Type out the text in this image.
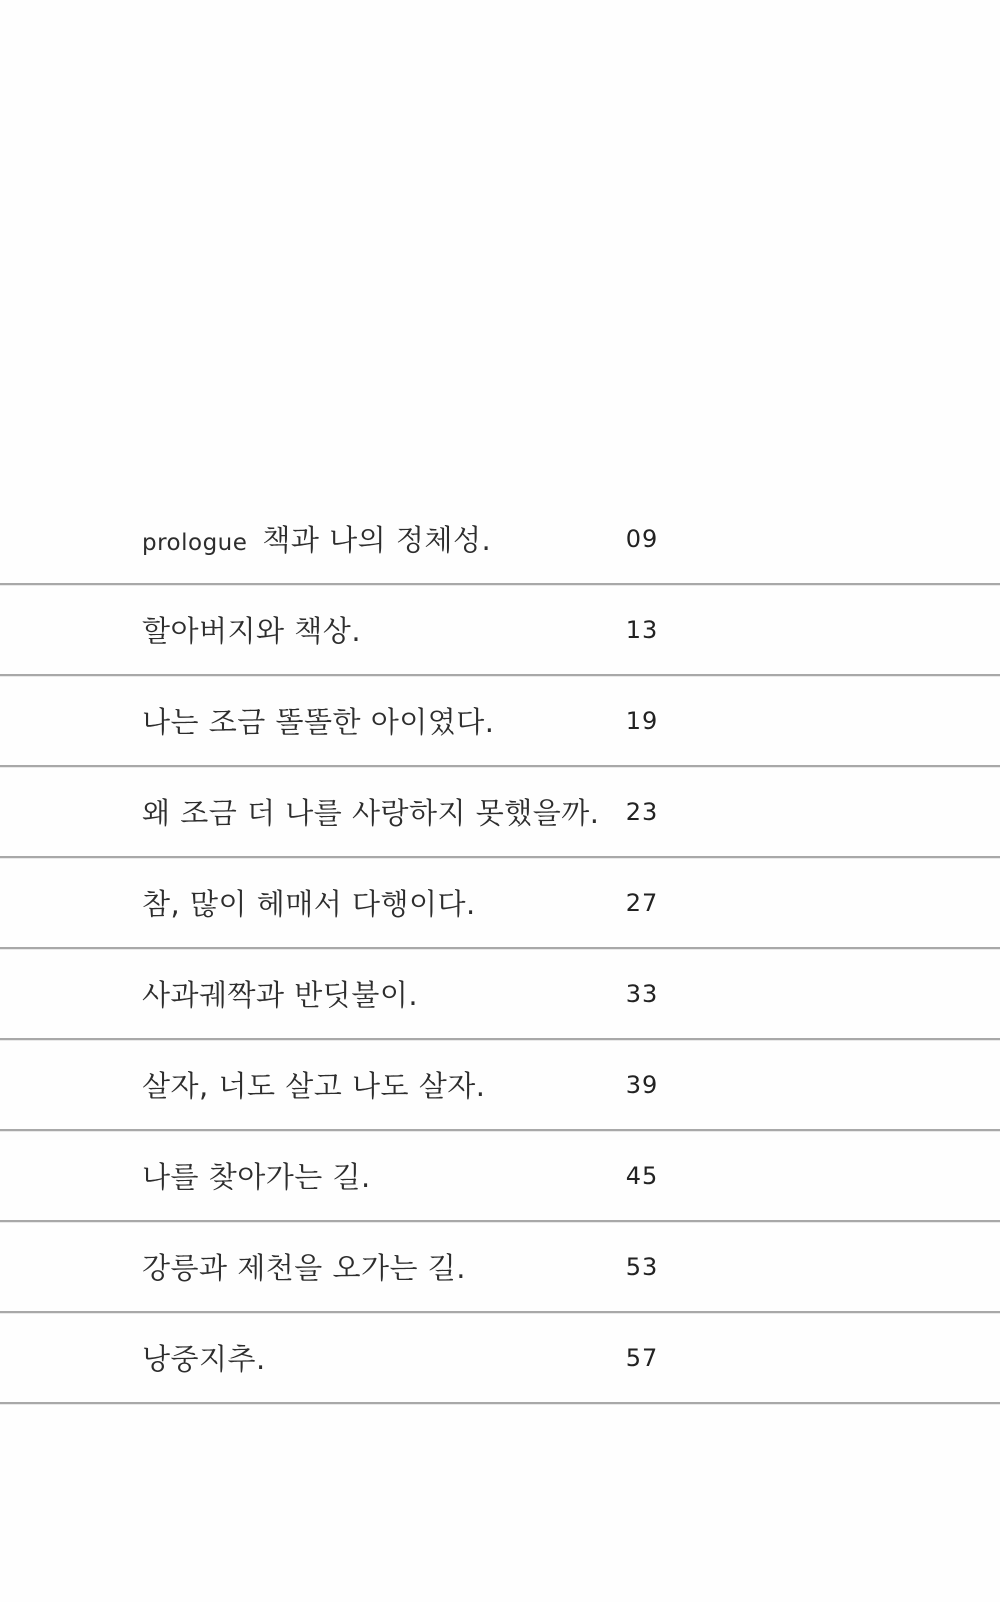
prologue 책과 나의 정체성.	09
할아버지와 책상.	13
나는 조금 똘똘한 아이였다.	19
왜 조금 더 나를 사랑하지 못했을까.	23
참, 많이 헤매서 다행이다.	27
사과궤짝과 반딧불이.	33
살자, 너도 살고 나도 살자.	39
나를 찾아가는 길.	45
강릉과 제천을 오가는 길.	53
낭중지추.	57
